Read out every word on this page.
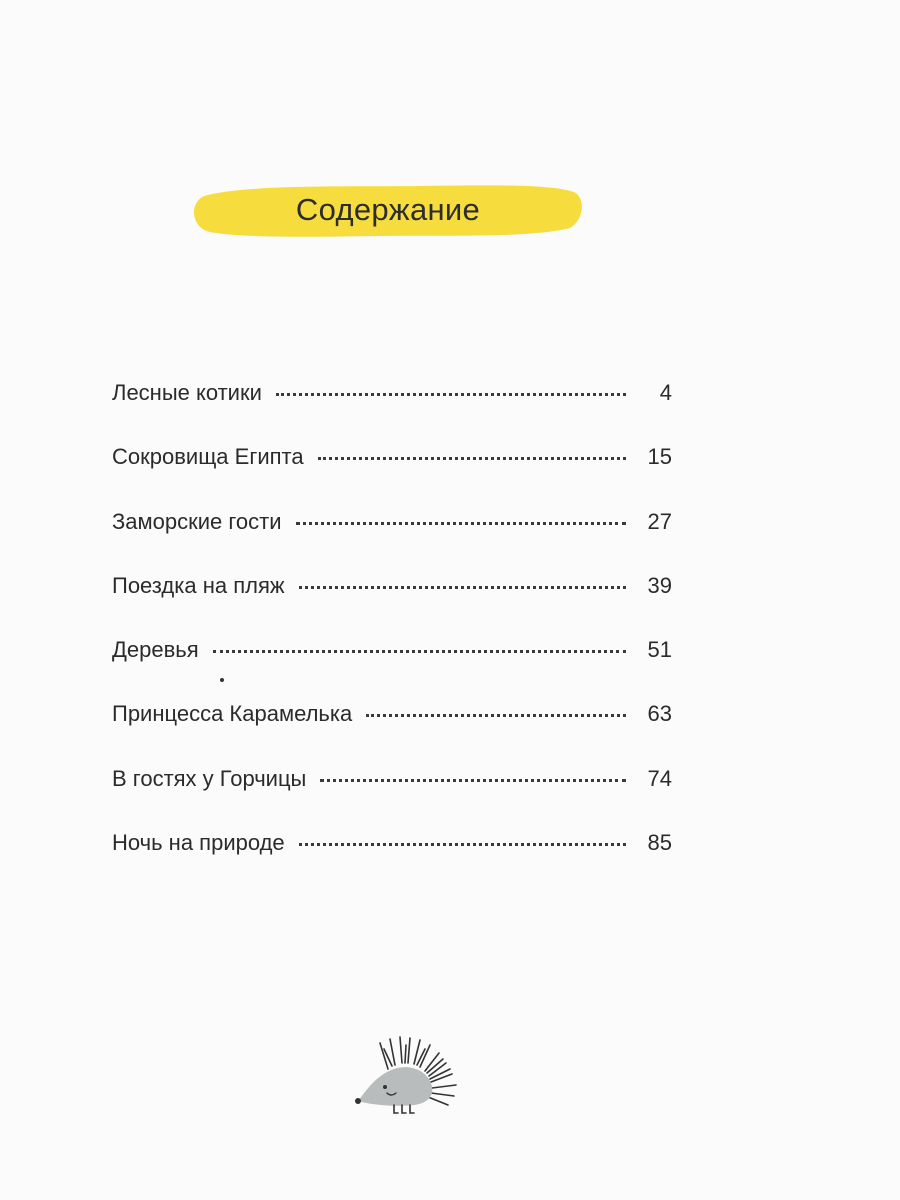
Содержание
Лесные котики	4
Сокровища Египта	15
Заморские гости	27
Поездка на пляж	39
Деревья	51
Принцесса Карамелька	63
В гостях у Горчицы	74
Ночь на природе	85
